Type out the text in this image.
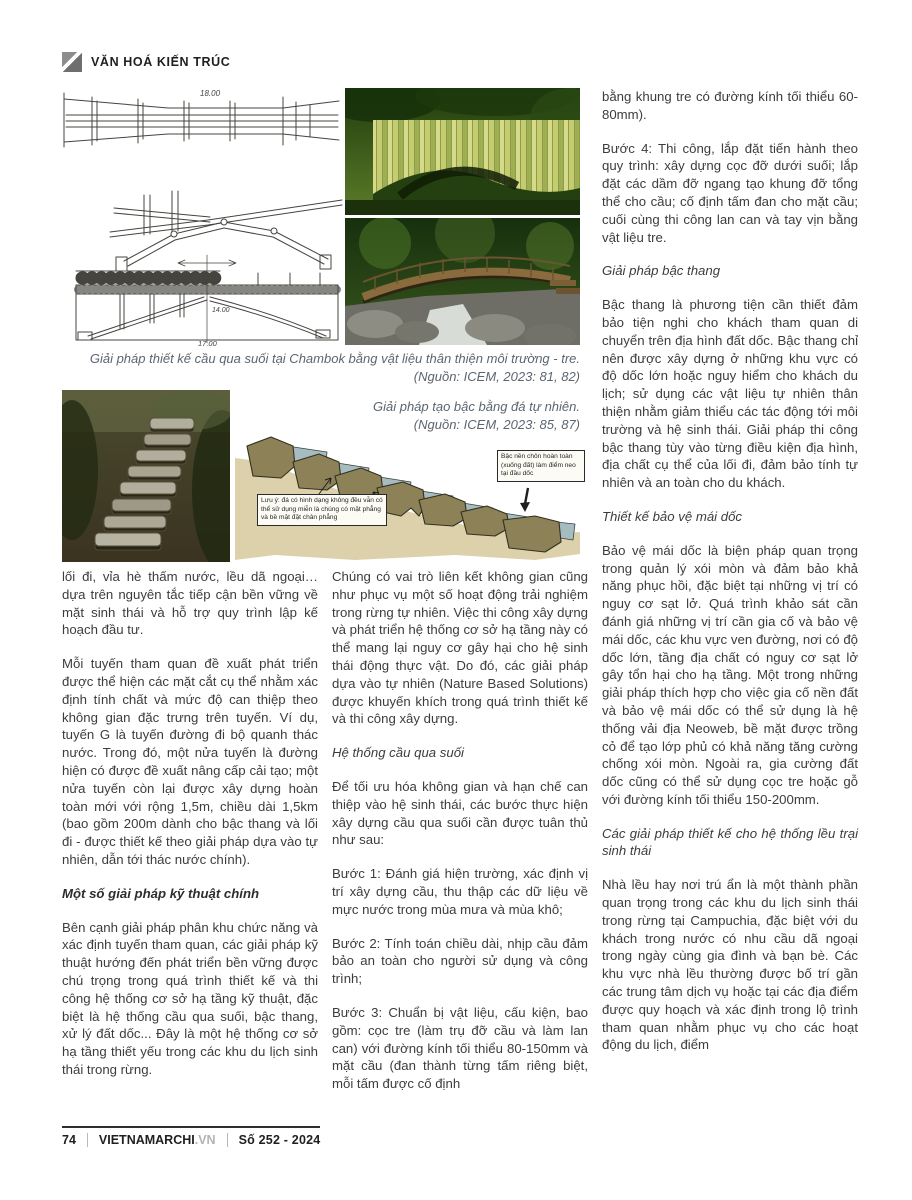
VĂN HOÁ KIẾN TRÚC
18.00
14.00
17.00
Giải pháp thiết kế cầu qua suối tại Chambok bằng vật liệu thân thiện môi trường - tre.
(Nguồn: ICEM, 2023: 81, 82)
Giải pháp tạo bậc bằng đá tự nhiên.
(Nguồn: ICEM, 2023: 85, 87)
Lưu ý: đá có hình dạng không đều vẫn có thể sử dụng miễn là chúng có mặt phẳng và bề mặt đặt chân phẳng
Bậc nền chôn hoàn toàn (xuống đất) làm điểm neo tại đầu dốc

lối đi, vỉa hè thấm nước, lều dã ngoại… dựa trên nguyên tắc tiếp cận bền vững về mặt sinh thái và hỗ trợ quy trình lập kế hoạch đầu tư.

Mỗi tuyến tham quan đề xuất phát triển được thể hiện các mặt cắt cụ thể nhằm xác định tính chất và mức độ can thiệp theo không gian đặc trưng trên tuyến. Ví dụ, tuyến G là tuyến đường đi bộ quanh thác nước. Trong đó, một nửa tuyến là đường hiện có được đề xuất nâng cấp cải tạo; một nửa tuyến còn lại được xây dựng hoàn toàn mới với rộng 1,5m, chiều dài 1,5km (bao gồm 200m dành cho bậc thang và lối đi - được thiết kế theo giải pháp dựa vào tự nhiên, dẫn tới thác nước chính).

Một số giải pháp kỹ thuật chính

Bên cạnh giải pháp phân khu chức năng và xác định tuyến tham quan, các giải pháp kỹ thuật hướng đến phát triển bền vững được chú trọng trong quá trình thiết kế và thi công hệ thống cơ sở hạ tầng kỹ thuật, đặc biệt là hệ thống cầu qua suối, bậc thang, xử lý đất dốc... Đây là một hệ thống cơ sở hạ tầng thiết yếu trong các khu du lịch sinh thái trong rừng.

Chúng có vai trò liên kết không gian cũng như phục vụ một số hoạt động trải nghiệm trong rừng tự nhiên. Việc thi công xây dựng và phát triển hệ thống cơ sở hạ tầng này có thể mang lại nguy cơ gây hại cho hệ sinh thái động thực vật. Do đó, các giải pháp dựa vào tự nhiên (Nature Based Solutions) được khuyến khích trong quá trình thiết kế và thi công xây dựng.

Hệ thống cầu qua suối

Để tối ưu hóa không gian và hạn chế can thiệp vào hệ sinh thái, các bước thực hiện xây dựng cầu qua suối cần được tuân thủ như sau:

Bước 1: Đánh giá hiện trường, xác định vị trí xây dựng cầu, thu thập các dữ liệu về mực nước trong mùa mưa và mùa khô;

Bước 2: Tính toán chiều dài, nhịp cầu đảm bảo an toàn cho người sử dụng và công trình;

Bước 3: Chuẩn bị vật liệu, cấu kiện, bao gồm: cọc tre (làm trụ đỡ cầu và làm lan can) với đường kính tối thiểu 80-150mm và mặt cầu (đan thành từng tấm riêng biệt, mỗi tấm được cố định

bằng khung tre có đường kính tối thiểu 60-80mm).

Bước 4: Thi công, lắp đặt tiến hành theo quy trình: xây dựng cọc đỡ dưới suối; lắp đặt các dầm đỡ ngang tạo khung đỡ tổng thể cho cầu; cố định tấm đan cho mặt cầu; cuối cùng thi công lan can và tay vịn bằng vật liệu tre.

Giải pháp bậc thang

Bậc thang là phương tiện cần thiết đảm bảo tiện nghi cho khách tham quan di chuyển trên địa hình đất dốc. Bậc thang chỉ nên được xây dựng ở những khu vực có độ dốc lớn hoặc nguy hiểm cho khách du lịch; sử dụng các vật liệu tự nhiên thân thiện nhằm giảm thiểu các tác động tới môi trường và hệ sinh thái. Giải pháp thi công bậc thang tùy vào từng điều kiện địa hình, địa chất cụ thể của lối đi, đảm bảo tính tự nhiên và an toàn cho du khách.

Thiết kế bảo vệ mái dốc

Bảo vệ mái dốc là biện pháp quan trọng trong quản lý xói mòn và đảm bảo khả năng phục hồi, đặc biệt tại những vị trí có nguy cơ sạt lở. Quá trình khảo sát cần đánh giá những vị trí cần gia cố và bảo vệ mái dốc, các khu vực ven đường, nơi có độ dốc lớn, tầng địa chất có nguy cơ sạt lở gây tổn hại cho hạ tầng. Một trong những giải pháp thích hợp cho việc gia cố nền đất và bảo vệ mái dốc có thể sử dụng là hệ thống vải địa Neoweb, bề mặt được trồng cỏ để tạo lớp phủ có khả năng tăng cường chống xói mòn. Ngoài ra, gia cường đất dốc cũng có thể sử dụng cọc tre hoặc gỗ với đường kính tối thiểu 150-200mm.

Các giải pháp thiết kế cho hệ thống lều trại sinh thái

Nhà lều hay nơi trú ẩn là một thành phần quan trọng trong các khu du lịch sinh thái trong rừng tại Campuchia, đặc biệt với du khách trong nước có nhu cầu dã ngoại trong ngày cùng gia đình và bạn bè. Các khu vực nhà lều thường được bố trí gần các trung tâm dịch vụ hoặc tại các địa điểm được quy hoạch và xác định trong lộ trình tham quan nhằm phục vụ cho các hoạt động du lịch, điểm

74 VIETNAMARCHI.VN Số 252 - 2024
